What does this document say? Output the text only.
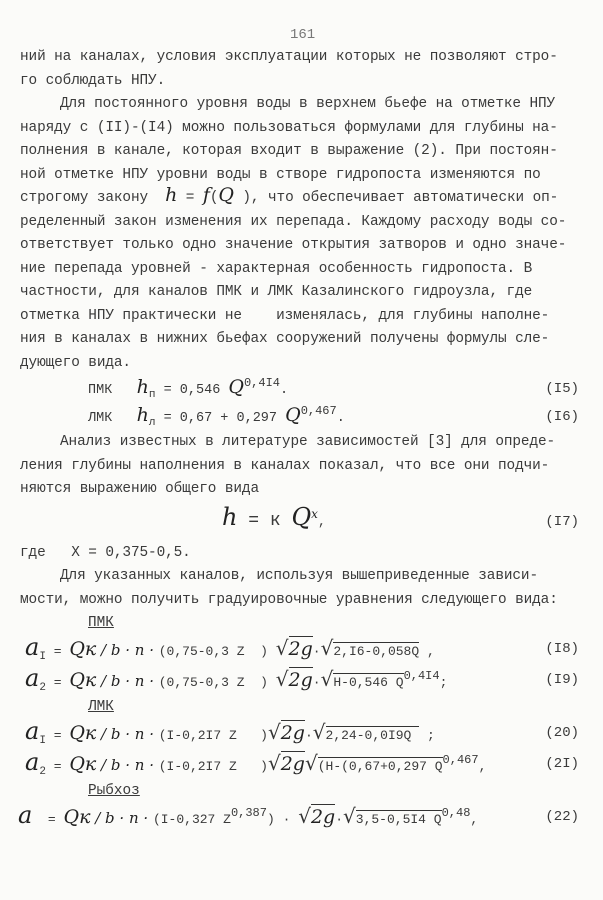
161
ний на каналах, условия эксплуатации которых не позволяют стро-
го соблюдать НПУ.
Для постоянного уровня воды в верхнем бьефе на отметке НПУ
наряду с (II)-(I4) можно пользоваться формулами для глубины на-
полнения в канале, которая входит в выражение (2). При постоян-
ной отметке НПУ уровни воды в створе гидропоста изменяются по
строгому закону h = f(Q ), что обеспечивает автоматически оп-
ределенный закон изменения их перепада. Каждому расходу воды со-
ответствует только одно значение открытия затворов и одно значе-
ние перепада уровней - характерная особенность гидропоста. В
частности, для каналов ПМК и ЛМК Казалинского гидроузла, где
отметка НПУ практически не    изменялась, для глубины наполне-
ния в каналах в нижних бьефах сооружений получены формулы сле-
дующего вида.
ПМК $h_п = 0,546$ Q0,4I4.	(I5)
ЛМК $h_л = 0,67 + 0,297$ Q0,467.	(I6)
Анализ известных в литературе зависимостей [3] для опреде-
ления глубины наполнения в каналах показал, что все они подчи-
няются выражению общего вида
h = к Qx,	(I7)
где   X = 0,375-0,5.
Для указанных каналов, используя вышеприведенные зависи-
мости, можно получить градуировочные уравнения следующего вида:
ПМК
$a_I$ = Qк / b · n · (0,75-0,3 Z  ) √2g·√2,I6-0,058Q ,	(I8)
$a_2$ = Qк / b · n · (0,75-0,3 Z  ) √2g·√H-0,546 Q0,4I4;	(I9)
ЛМК
$a_I$ = Qк / b · n · (I-0,2I7 Z   )√2g·√2,24-0,0I9Q  ;	(20)
$a_2$ = Qк / b · n · (I-0,2I7 Z   )√2g√(H-(0,67+0,297 Q0,467,	(2I)
Рыбхоз
a  = Qк / b · n · (I-0,327 Z0,387) · √2g·√3,5-0,5I4 Q0,48,	(22)
